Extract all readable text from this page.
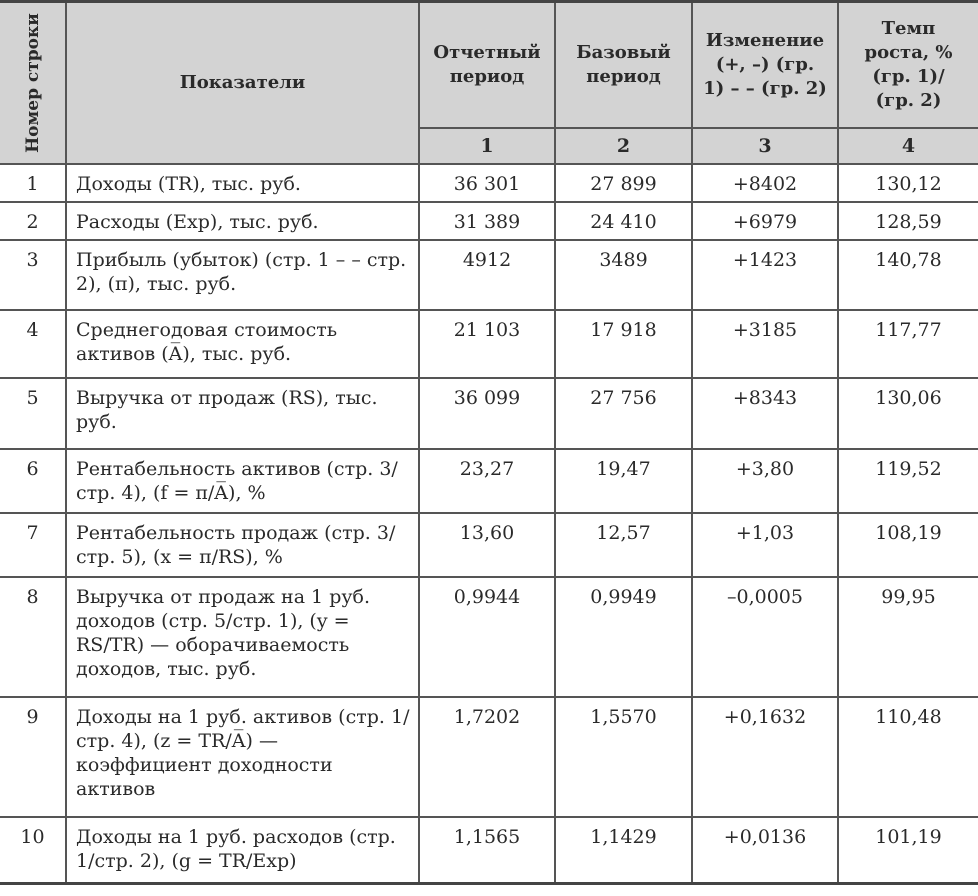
Номер строки	Показатели	Отчетный период	Базовый период	Изменение (+, –) (гр. 1) – – (гр. 2)	Темп роста, % (гр. 1)/ (гр. 2)
		1	2	3	4
1	Доходы (TR), тыс. руб.	36 301	27 899	+8402	130,12
2	Расходы (Exp), тыс. руб.	31 389	24 410	+6979	128,59
3	Прибыль (убыток) (стр. 1 – – стр. 2), (π), тыс. руб.	4912	3489	+1423	140,78
4	Среднегодовая стоимость активов (A̅), тыс. руб.	21 103	17 918	+3185	117,77
5	Выручка от продаж (RS), тыс. руб.	36 099	27 756	+8343	130,06
6	Рентабельность активов (стр. 3/стр. 4), (f = π/A̅), %	23,27	19,47	+3,80	119,52
7	Рентабельность продаж (стр. 3/стр. 5), (x = π/RS), %	13,60	12,57	+1,03	108,19
8	Выручка от продаж на 1 руб. доходов (стр. 5/стр. 1), (y = RS/TR) — оборачиваемость доходов, тыс. руб.	0,9944	0,9949	–0,0005	99,95
9	Доходы на 1 руб. активов (стр. 1/стр. 4), (z = TR/A̅) — коэффициент доходности активов	1,7202	1,5570	+0,1632	110,48
10	Доходы на 1 руб. расходов (стр. 1/стр. 2), (g = TR/Exp)	1,1565	1,1429	+0,0136	101,19
